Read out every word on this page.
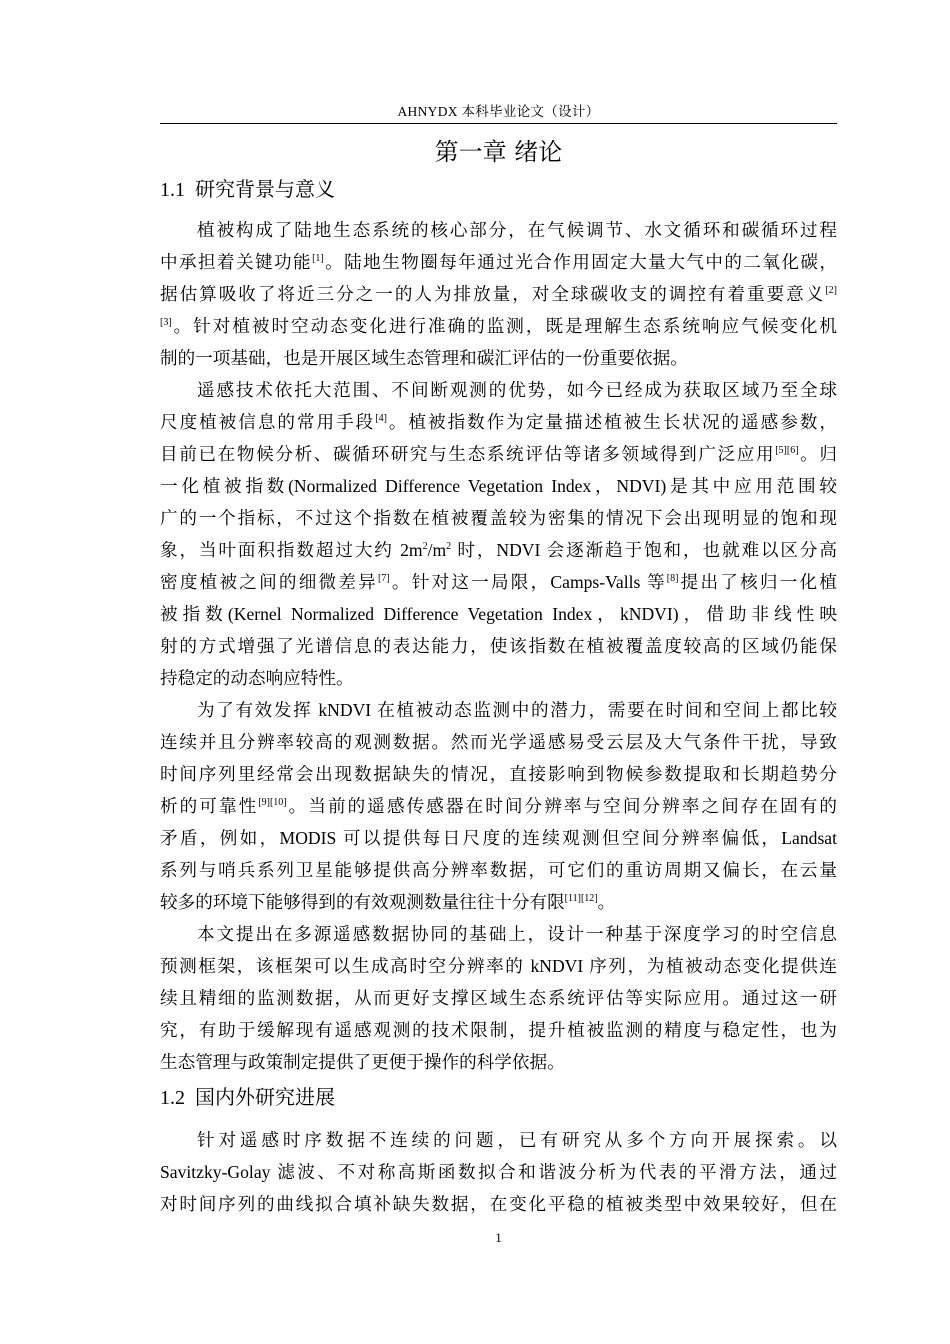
AHNYDX 本科毕业论文（设计）
第一章 绪论
1.1 研究背景与意义
植被构成了陆地生态系统的核心部分，在气候调节、水文循环和碳循环过程
中承担着关键功能[1]。陆地生物圈每年通过光合作用固定大量大气中的二氧化碳，
据估算吸收了将近三分之一的人为排放量，对全球碳收支的调控有着重要意义[2]
[3]。针对植被时空动态变化进行准确的监测，既是理解生态系统响应气候变化机
制的一项基础，也是开展区域生态管理和碳汇评估的一份重要依据。
遥感技术依托大范围、不间断观测的优势，如今已经成为获取区域乃至全球
尺度植被信息的常用手段[4]。植被指数作为定量描述植被生长状况的遥感参数，
目前已在物候分析、碳循环研究与生态系统评估等诸多领域得到广泛应用[5][6]。归
一化植被指数(Normalized Difference Vegetation Index，NDVI)是其中应用范围较
广的一个指标，不过这个指数在植被覆盖较为密集的情况下会出现明显的饱和现
象，当叶面积指数超过大约 $2m^2/m^2$ 时，NDVI 会逐渐趋于饱和，也就难以区分高
密度植被之间的细微差异[7]。针对这一局限，Camps-Valls 等[8]提出了核归一化植
被指数(Kernel Normalized Difference Vegetation Index，kNDVI)，借助非线性映
射的方式增强了光谱信息的表达能力，使该指数在植被覆盖度较高的区域仍能保
持稳定的动态响应特性。
为了有效发挥 kNDVI 在植被动态监测中的潜力，需要在时间和空间上都比较
连续并且分辨率较高的观测数据。然而光学遥感易受云层及大气条件干扰，导致
时间序列里经常会出现数据缺失的情况，直接影响到物候参数提取和长期趋势分
析的可靠性[9][10]。当前的遥感传感器在时间分辨率与空间分辨率之间存在固有的
矛盾，例如，MODIS 可以提供每日尺度的连续观测但空间分辨率偏低，Landsat
系列与哨兵系列卫星能够提供高分辨率数据，可它们的重访周期又偏长，在云量
较多的环境下能够得到的有效观测数量往往十分有限[11][12]。
本文提出在多源遥感数据协同的基础上，设计一种基于深度学习的时空信息
预测框架，该框架可以生成高时空分辨率的 kNDVI 序列，为植被动态变化提供连
续且精细的监测数据，从而更好支撑区域生态系统评估等实际应用。通过这一研
究，有助于缓解现有遥感观测的技术限制，提升植被监测的精度与稳定性，也为
生态管理与政策制定提供了更便于操作的科学依据。
1.2 国内外研究进展
针对遥感时序数据不连续的问题，已有研究从多个方向开展探索。以
Savitzky-Golay 滤波、不对称高斯函数拟合和谐波分析为代表的平滑方法，通过
对时间序列的曲线拟合填补缺失数据，在变化平稳的植被类型中效果较好，但在
1
